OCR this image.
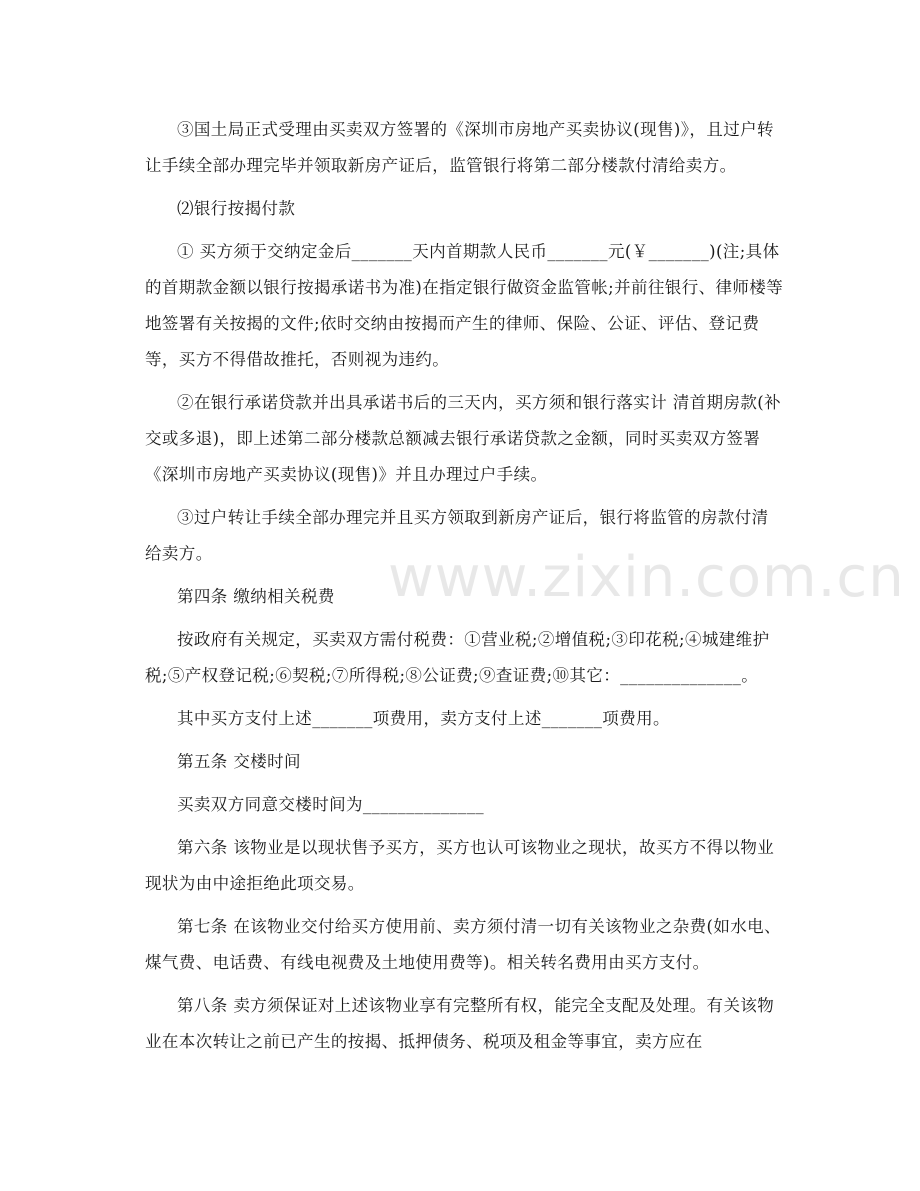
www.zixin.com.cn

③国土局正式受理由买卖双方签署的《深圳市房地产买卖协议(现售)》，且过户转让手续全部办理完毕并领取新房产证后，监管银行将第二部分楼款付清给卖方。

⑵银行按揭付款

① 买方须于交纳定金后_______天内首期款人民币_______元(￥_______)(注;具体的首期款金额以银行按揭承诺书为准)在指定银行做资金监管帐;并前往银行、律师楼等地签署有关按揭的文件;依时交纳由按揭而产生的律师、保险、公证、评估、登记费等，买方不得借故推托，否则视为违约。

②在银行承诺贷款并出具承诺书后的三天内，买方须和银行落实计 清首期房款(补交或多退)，即上述第二部分楼款总额减去银行承诺贷款之金额，同时买卖双方签署《深圳市房地产买卖协议(现售)》并且办理过户手续。

③过户转让手续全部办理完并且买方领取到新房产证后，银行将监管的房款付清给卖方。

第四条 缴纳相关税费

按政府有关规定，买卖双方需付税费：①营业税;②增值税;③印花税;④城建维护税;⑤产权登记税;⑥契税;⑦所得税;⑧公证费;⑨查证费;⑩其它：______________。

其中买方支付上述_______项费用，卖方支付上述_______项费用。

第五条 交楼时间

买卖双方同意交楼时间为______________

第六条 该物业是以现状售予买方，买方也认可该物业之现状，故买方不得以物业现状为由中途拒绝此项交易。

第七条 在该物业交付给买方使用前、卖方须付清一切有关该物业之杂费(如水电、煤气费、电话费、有线电视费及土地使用费等)。相关转名费用由买方支付。

第八条 卖方须保证对上述该物业享有完整所有权，能完全支配及处理。有关该物业在本次转让之前已产生的按揭、抵押债务、税项及租金等事宜，卖方应在
